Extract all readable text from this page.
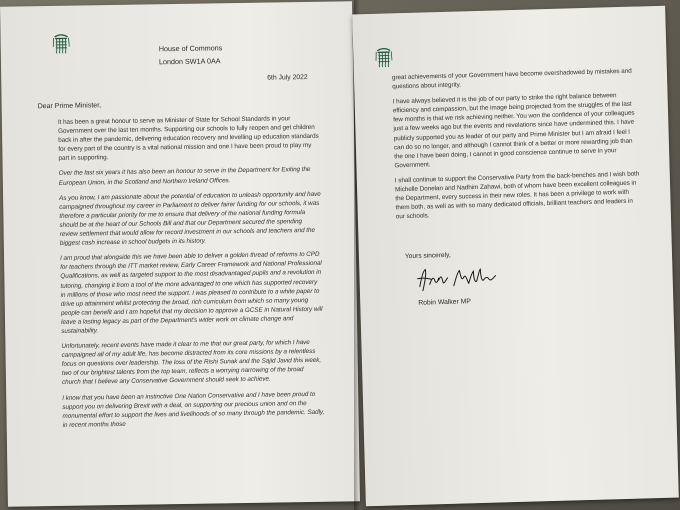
House of Commons
London SW1A 0AA
6th July 2022
Dear Prime Minister,

It has been a great honour to serve as Minister of State for School Standards in your Government over the last ten months. Supporting our schools to fully reopen and get children back in after the pandemic, delivering education recovery and levelling up education standards for every part of the country is a vital national mission and one I have been proud to play my part in supporting.

Over the last six years it has also been an honour to serve in the Department for Exiting the European Union, in the Scotland and Northern Ireland Offices.

As you know, I am passionate about the potential of education to unleash opportunity and have campaigned throughout my career in Parliament to deliver fairer funding for our schools, it was therefore a particular priority for me to ensure that delivery of the national funding formula should be at the heart of our Schools Bill and that our Department secured the spending review settlement that would allow for record investment in our schools and teachers and the biggest cash increase in school budgets in its history.

I am proud that alongside this we have been able to deliver a golden thread of reforms to CPD for teachers through the ITT market review, Early Career Framework and National Professional Qualifications, as well as targeted support to the most disadvantaged pupils and a revolution in tutoring, changing it from a tool of the more advantaged to one which has supported recovery in millions of those who most need the support. I was pleased to contribute to a white paper to drive up attainment whilst protecting the broad, rich curriculum from which so many young people can benefit and I am hopeful that my decision to approve a GCSE in Natural History will leave a lasting legacy as part of the Department's wider work on climate change and sustainability.

Unfortunately, recent events have made it clear to me that our great party, for which I have campaigned all of my adult life, has become distracted from its core missions by a relentless focus on questions over leadership. The loss of the Rishi Sunak and the Sajid Javid this week, two of our brightest talents from the top team, reflects a worrying narrowing of the broad church that I believe any Conservative Government should seek to achieve.

I know that you have been an instinctive One Nation Conservative and I have been proud to support you on delivering Brexit with a deal, on supporting our precious union and on the monumental effort to support the lives and livelihoods of so many through the pandemic. Sadly, in recent months those

great achievements of your Government have become overshadowed by mistakes and questions about integrity.

I have always believed it is the job of our party to strike the right balance between efficiency and compassion, but the image being projected from the struggles of the last few months is that we risk achieving neither. You won the confidence of your colleagues just a few weeks ago but the events and revelations since have undermined this. I have publicly supported you as leader of our party and Prime Minister but I am afraid I feel I can do so no longer, and although I cannot think of a better or more rewarding job than the one I have been doing, I cannot in good conscience continue to serve in your Government.

I shall continue to support the Conservative Party from the back-benches and I wish both Michelle Donelan and Nadhim Zahawi, both of whom have been excellent colleagues in the Department, every success in their new roles. It has been a privilege to work with them both, as well as with so many dedicated officials, brilliant teachers and leaders in our schools.

Yours sincerely,
Robin Walker MP
